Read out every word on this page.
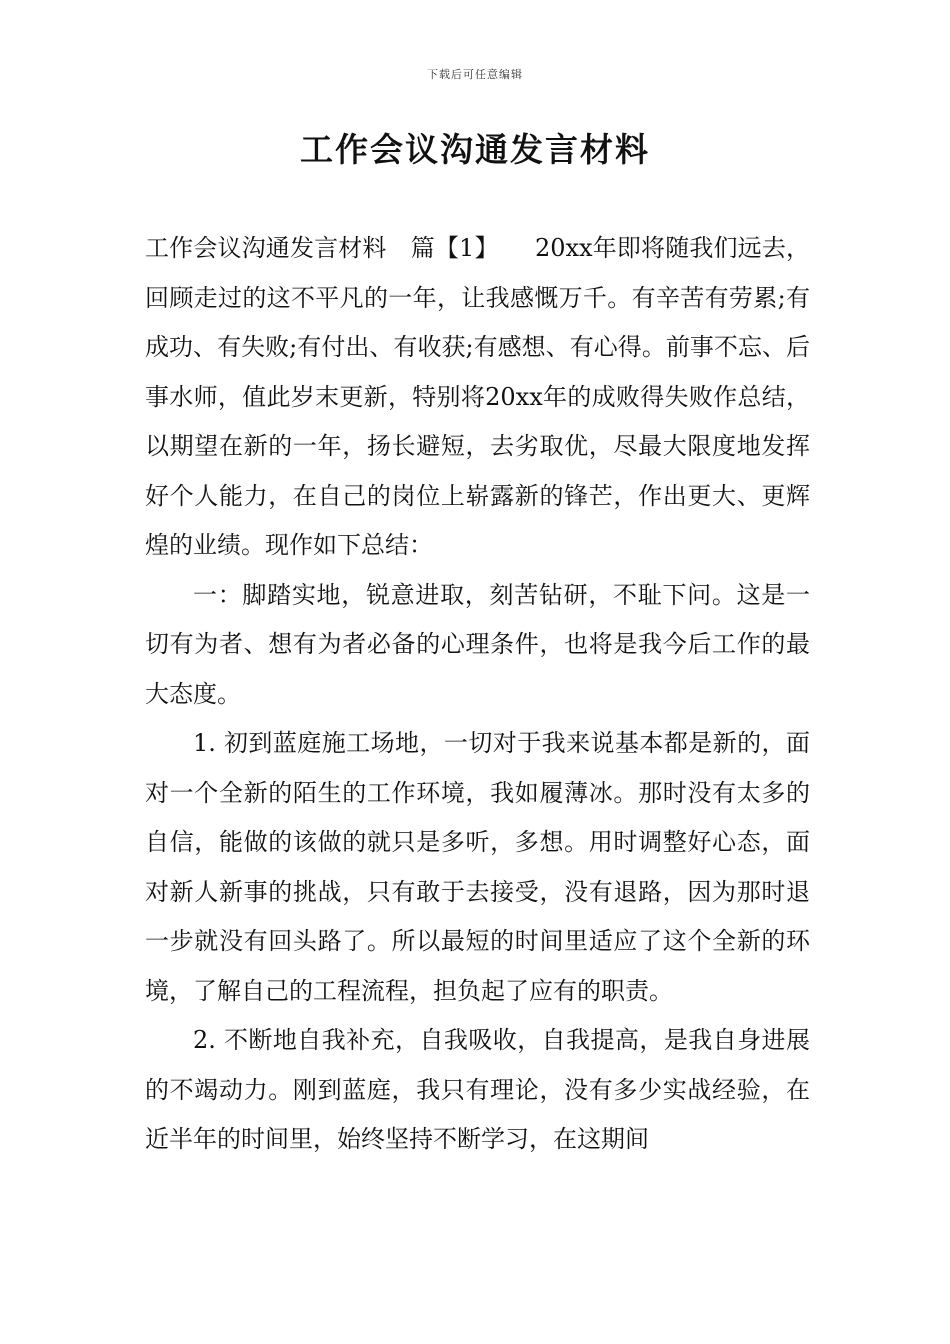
下载后可任意编辑
工作会议沟通发言材料

工作会议沟通发言材料　篇【1】　　20xx年即将随我们远去，回顾走过的这不平凡的一年，让我感慨万千。有辛苦有劳累;有成功、有失败;有付出、有收获;有感想、有心得。前事不忘、后事水师，值此岁末更新，特别将20xx年的成败得失败作总结，以期望在新的一年，扬长避短，去劣取优，尽最大限度地发挥好个人能力，在自己的岗位上崭露新的锋芒，作出更大、更辉煌的业绩。现作如下总结：

一：脚踏实地，锐意进取，刻苦钻研，不耻下问。这是一切有为者、想有为者必备的心理条件，也将是我今后工作的最大态度。

1. 初到蓝庭施工场地，一切对于我来说基本都是新的，面对一个全新的陌生的工作环境，我如履薄冰。那时没有太多的自信，能做的该做的就只是多听，多想。用时调整好心态，面对新人新事的挑战，只有敢于去接受，没有退路，因为那时退一步就没有回头路了。所以最短的时间里适应了这个全新的环境，了解自己的工程流程，担负起了应有的职责。

2. 不断地自我补充，自我吸收，自我提高，是我自身进展的不竭动力。刚到蓝庭，我只有理论，没有多少实战经验，在近半年的时间里，始终坚持不断学习，在这期间
